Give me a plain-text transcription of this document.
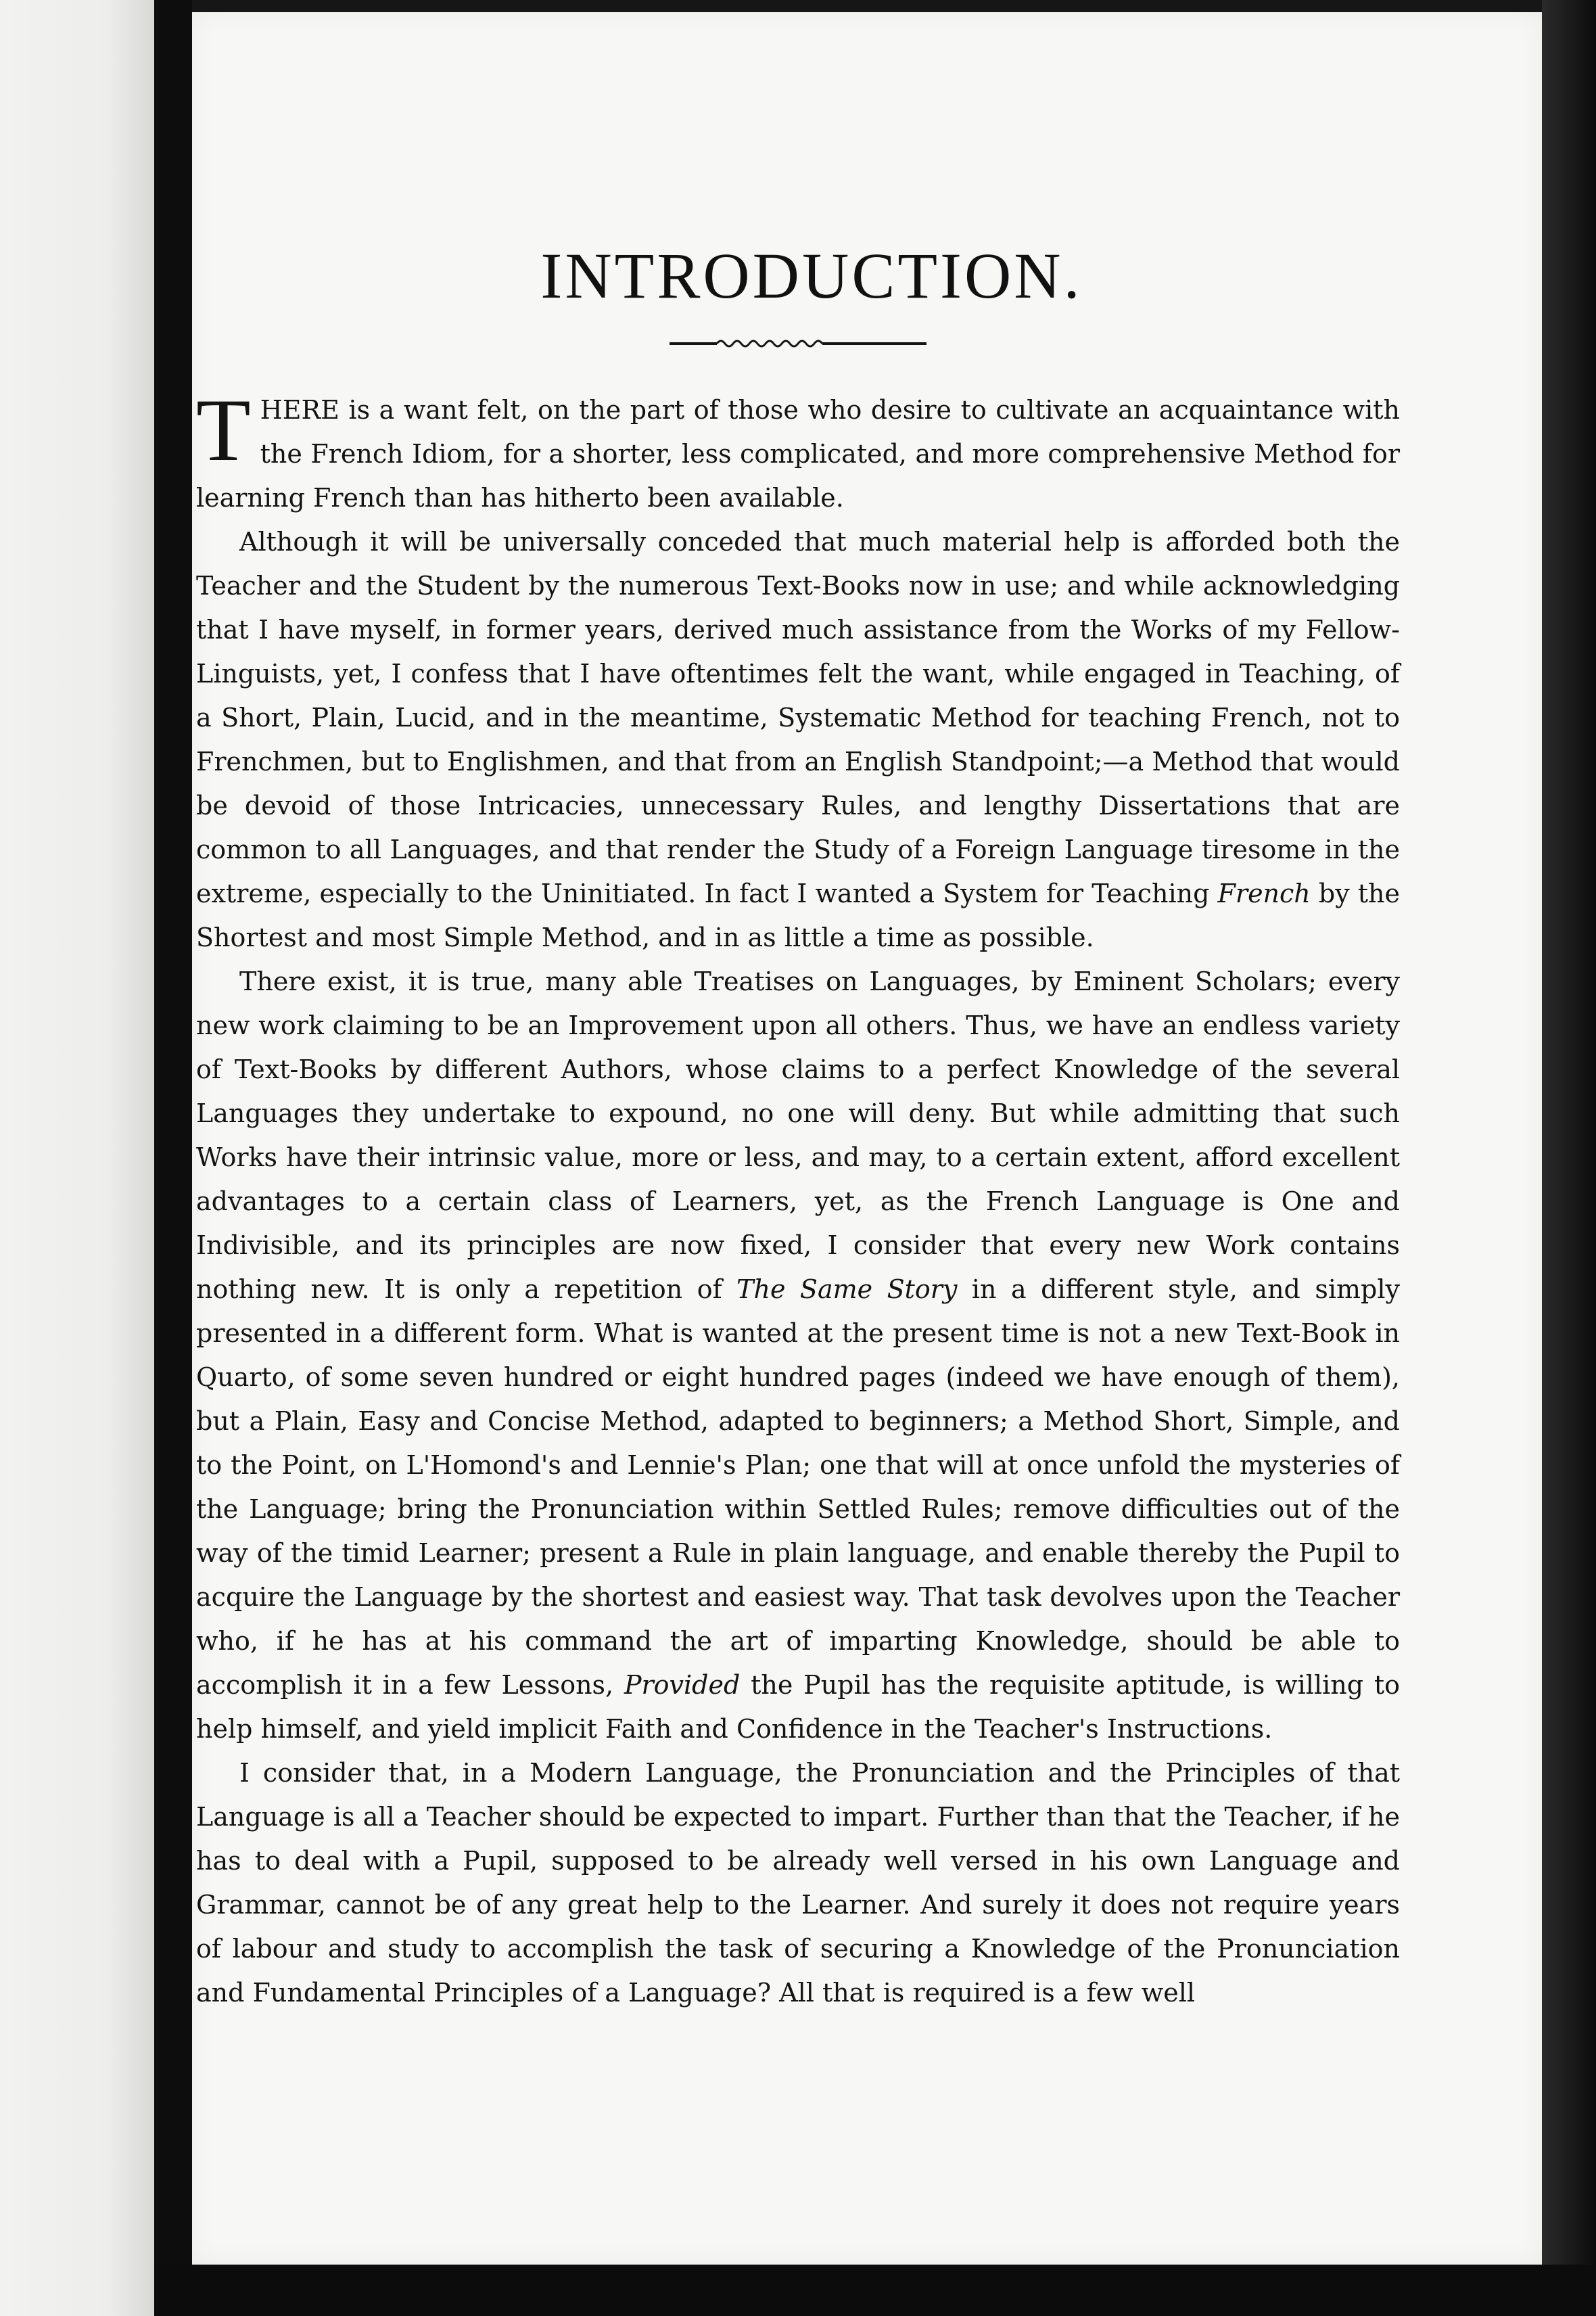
INTRODUCTION.

THERE is a want felt, on the part of those who desire to cultivate an acquaintance with the French Idiom, for a shorter, less complicated, and more comprehensive Method for learning French than has hitherto been available.

Although it will be universally conceded that much material help is afforded both the Teacher and the Student by the numerous Text-Books now in use; and while acknowledging that I have myself, in former years, derived much assistance from the Works of my Fellow-Linguists, yet, I confess that I have oftentimes felt the want, while engaged in Teaching, of a Short, Plain, Lucid, and in the meantime, Systematic Method for teaching French, not to Frenchmen, but to Englishmen, and that from an English Standpoint;—a Method that would be devoid of those Intricacies, unnecessary Rules, and lengthy Dissertations that are common to all Languages, and that render the Study of a Foreign Language tiresome in the extreme, especially to the Uninitiated. In fact I wanted a System for Teaching French by the Shortest and most Simple Method, and in as little a time as possible.

There exist, it is true, many able Treatises on Languages, by Eminent Scholars; every new work claiming to be an Improvement upon all others. Thus, we have an endless variety of Text-Books by different Authors, whose claims to a perfect Knowledge of the several Languages they undertake to expound, no one will deny. But while admitting that such Works have their intrinsic value, more or less, and may, to a certain extent, afford excellent advantages to a certain class of Learners, yet, as the French Language is One and Indivisible, and its principles are now fixed, I consider that every new Work contains nothing new. It is only a repetition of The Same Story in a different style, and simply presented in a different form. What is wanted at the present time is not a new Text-Book in Quarto, of some seven hundred or eight hundred pages (indeed we have enough of them), but a Plain, Easy and Concise Method, adapted to beginners; a Method Short, Simple, and to the Point, on L'Homond's and Lennie's Plan; one that will at once unfold the mysteries of the Language; bring the Pronunciation within Settled Rules; remove difficulties out of the way of the timid Learner; present a Rule in plain language, and enable thereby the Pupil to acquire the Language by the shortest and easiest way. That task devolves upon the Teacher who, if he has at his command the art of imparting Knowledge, should be able to accomplish it in a few Lessons, Provided the Pupil has the requisite aptitude, is willing to help himself, and yield implicit Faith and Confidence in the Teacher's Instructions.

I consider that, in a Modern Language, the Pronunciation and the Principles of that Language is all a Teacher should be expected to impart. Further than that the Teacher, if he has to deal with a Pupil, supposed to be already well versed in his own Language and Grammar, cannot be of any great help to the Learner. And surely it does not require years of labour and study to accomplish the task of securing a Knowledge of the Pronunciation and Fundamental Principles of a Language? All that is required is a few well
